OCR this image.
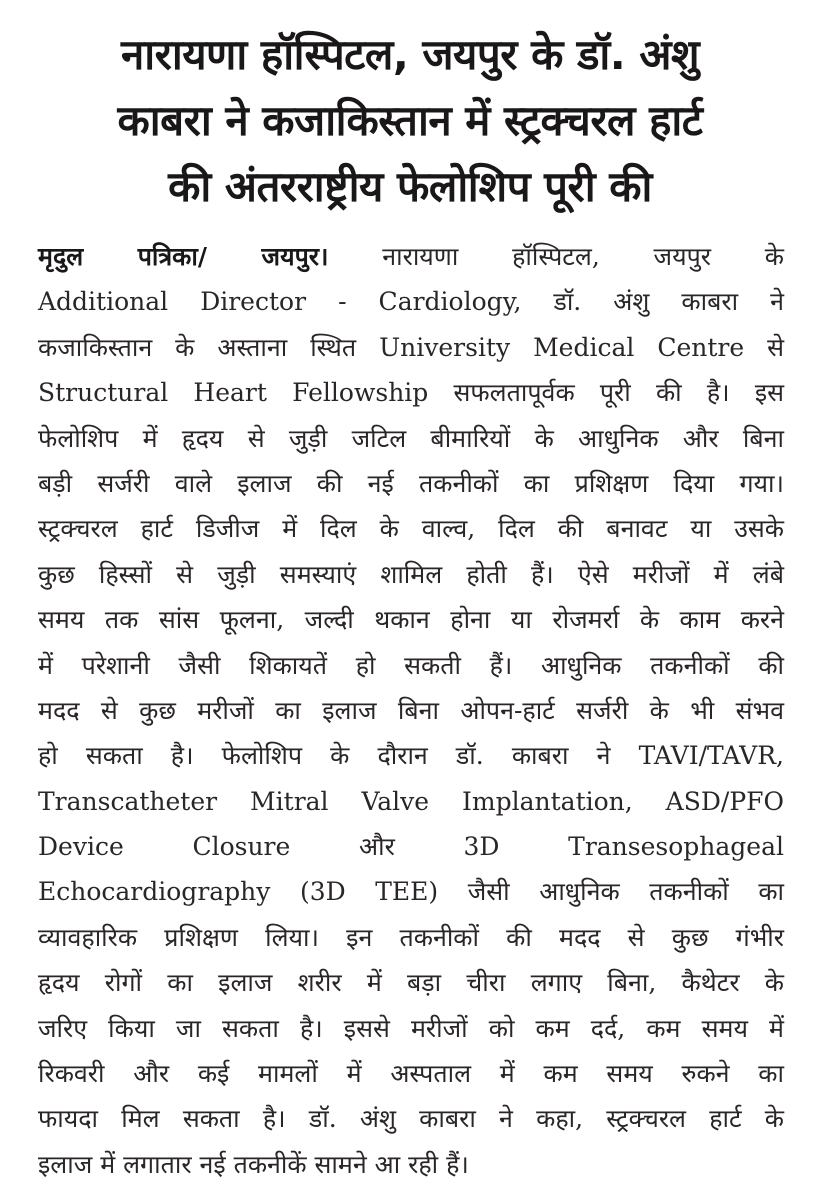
नारायणा हॉस्पिटल, जयपुर के डॉ. अंशु
काबरा ने कजाकिस्तान में स्ट्रक्चरल हार्ट
की अंतरराष्ट्रीय फेलोशिप पूरी की
मृदुल पत्रिका/ जयपुर। नारायणा हॉस्पिटल, जयपुर के
Additional Director - Cardiology, डॉ. अंशु काबरा ने
कजाकिस्तान के अस्ताना स्थित University Medical Centre से
Structural Heart Fellowship सफलतापूर्वक पूरी की है। इस
फेलोशिप में हृदय से जुड़ी जटिल बीमारियों के आधुनिक और बिना
बड़ी सर्जरी वाले इलाज की नई तकनीकों का प्रशिक्षण दिया गया।
स्ट्रक्चरल हार्ट डिजीज में दिल के वाल्व, दिल की बनावट या उसके
कुछ हिस्सों से जुड़ी समस्याएं शामिल होती हैं। ऐसे मरीजों में लंबे
समय तक सांस फूलना, जल्दी थकान होना या रोजमर्रा के काम करने
में परेशानी जैसी शिकायतें हो सकती हैं। आधुनिक तकनीकों की
मदद से कुछ मरीजों का इलाज बिना ओपन-हार्ट सर्जरी के भी संभव
हो सकता है। फेलोशिप के दौरान डॉ. काबरा ने TAVI/TAVR,
Transcatheter Mitral Valve Implantation, ASD/PFO
Device Closure और 3D Transesophageal
Echocardiography (3D TEE) जैसी आधुनिक तकनीकों का
व्यावहारिक प्रशिक्षण लिया। इन तकनीकों की मदद से कुछ गंभीर
हृदय रोगों का इलाज शरीर में बड़ा चीरा लगाए बिना, कैथेटर के
जरिए किया जा सकता है। इससे मरीजों को कम दर्द, कम समय में
रिकवरी और कई मामलों में अस्पताल में कम समय रुकने का
फायदा मिल सकता है। डॉ. अंशु काबरा ने कहा, स्ट्रक्चरल हार्ट के
इलाज में लगातार नई तकनीकें सामने आ रही हैं।
